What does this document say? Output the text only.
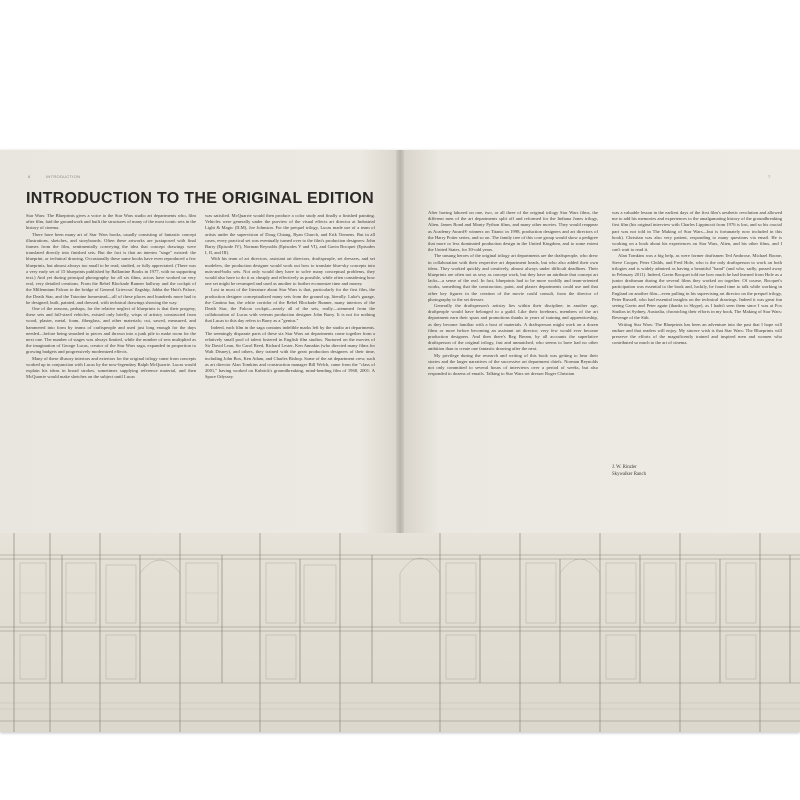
6	INTRODUCTION	7
INTRODUCTION TO THE ORIGINAL EDITION

Star Wars: The Blueprints gives a voice to the Star Wars studio art departments who, film after film, laid the groundwork and built the structures of many of the most iconic sets in the history of cinema.

There have been many art of Star Wars books, usually consisting of fantastic concept illustrations, sketches, and storyboards. Often these artworks are juxtaposed with final frames from the film, sentimentally conveying the idea that concept drawings were translated directly into finished sets. But the fact is that an interim "stage" existed: the blueprint, or technical drawing. Occasionally these same books have even reproduced a few blueprints, but almost always too small to be read, studied, or fully appreciated. (There was a very early set of 15 blueprints published by Ballantine Books in 1977, with no supporting text.) And yet during principal photography for all six films, actors have worked on very real, very detailed creations. From the Rebel Blockade Runner hallway and the cockpit of the Millennium Falcon to the bridge of General Grievous' flagship, Jabba the Hutt's Palace, the Death Star, and the Tatooine homestead—all of these places and hundreds more had to be designed, built, painted, and dressed, with technical drawings showing the way.

One of the reasons, perhaps, for the relative neglect of blueprints is that their progeny, these sets and full-sized vehicles, existed only briefly, wisps of artistry constructed from wood, plaster, metal, foam, fiberglass, and other materials; cut, sawed, measured, and hammered into form by teams of craftspeople and used just long enough for the days needed—before being smashed to pieces and thrown into a junk pile to make room for the next one. The number of stages was always limited, while the number of sets multiplied as the imagination of George Lucas, creator of the Star Wars saga, expanded in proportion to growing budgets and progressively modernized effects.

Many of these illusory interiors and exteriors for the original trilogy came from concepts worked up in conjunction with Lucas by the now-legendary Ralph McQuarrie. Lucas would explain his ideas in broad strokes, sometimes supplying reference material, and then McQuarrie would make sketches on the subject until Lucas

was satisfied. McQuarrie would then produce a color study and finally a finished painting. Vehicles were generally under the purview of the visual effects art director at Industrial Light & Magic (ILM), Joe Johnston. For the prequel trilogy, Lucas made use of a team of artists under the supervision of Doug Chiang, Ryan Church, and Erik Tiemens. But in all cases, every practical set was eventually turned over to the film's production designers: John Barry (Episode IV), Norman Reynolds (Episodes V and VI), and Gavin Bocquet (Episodes I, II, and III).

With his team of art directors, assistant art directors, draftspeople, set dressers, and set modelers, the production designer would work out how to translate blue-sky concepts into nuts-and-bolts sets. Not only would they have to solve many conceptual problems, they would also have to do it as cheaply and effectively as possible, while often considering how one set might be revamped and used as another to further economize time and money.

Lost in most of the literature about Star Wars is that, particularly for the first film, the production designer conceptualized many sets from the ground up, literally. Luke's garage, the Cantina bar, the white corridor of the Rebel Blockade Runner, many interiors of the Death Star, the Falcon cockpit—nearly all of the sets, really—stemmed from the collaboration of Lucas with veteran production designer John Barry. It is not for nothing that Lucas to this day refers to Barry as a "genius."

Indeed, each film in the saga contains indelible marks left by the studio art departments. The seemingly disparate parts of these six Star Wars art departments come together from a relatively small pool of talent fostered in English film studios. Nurtured on the movies of Sir David Lean, Sir Carol Reed, Richard Lester, Ken Annakin (who directed many films for Walt Disney), and others, they trained with the great production designers of their time, including John Box, Ken Adam, and Charles Bishop. Some of the art department crew, such as art director Alan Tomkins and construction manager Bill Welch, came from the "class of 2001," having worked on Kubrick's groundbreaking, mind-bending film of 1968, 2001: A Space Odyssey.

After having labored on one, two, or all three of the original trilogy Star Wars films, the different men of the art departments split off and reformed for the Indiana Jones trilogy, Alien, James Bond and Monty Python films, and many other movies. They would reappear as Academy Award® winners on Titanic in 1998, production designers and art directors of the Harry Potter series, and so on. The family tree of this core group would show a pedigree that more or less dominated production design in the United Kingdom, and to some extent the United States, for 30-odd years.

The unsung heroes of the original trilogy art departments are the draftspeople, who drew in collaboration with their respective art department heads, but who also added their own ideas. They worked quickly and creatively, almost always under difficult deadlines. Their blueprints are often not as sexy as concept work, but they have an attribute that concept art lacks—a sense of the real. In fact, blueprints had to be more worldly and team-oriented works, something that the construction, paint, and plaster departments could use and that other key figures in the creation of the movie could consult, from the director of photography to the set dresser.

Generally the draftsperson's artistry lies within their discipline; in another age, draftpeople would have belonged to a guild. Like their forebears, members of the art department earn their spurs and promotions thanks to years of training and apprenticeship, as they become familiar with a host of materials. A draftsperson might work on a dozen films or more before becoming an assistant art director; very few would ever become production designers. And then there's Reg Bream, by all accounts the superlative draftsperson of the original trilogy, fast and unmatched, who seems to have had no other ambition than to create one fantastic drawing after the next.

My privilege during the research and writing of this book was getting to hear their stories and the larger narratives of the successive art department chiefs. Norman Reynolds not only committed to several hours of interviews over a period of weeks, but also responded to dozens of emails. Talking to Star Wars set dresser Roger Christian

was a valuable lesson in the earliest days of the first film's aesthetic revolution and allowed me to add his memories and experiences to the amalgamating history of the groundbreaking first film (his original interview with Charles Lippincott from 1976 is lost, and so his crucial part was not told in The Making of Star Wars—but is fortunately now included in this book). Christian was also very patient, responding to many questions via email. He is working on a book about his experiences on Star Wars, Alien, and his other films, and I can't wait to read it.

Alan Tomkins was a big help, as were former draftsmen Ted Ambrose, Michael Boone, Steve Cooper, Peter Childs, and Fred Hole, who is the only draftsperson to work on both trilogies and is widely admired as having a beautiful "hand" (and who, sadly, passed away in February 2011). Indeed, Gavin Bocquet told me how much he had learned from Hole as a junior draftsman during the several films they worked on together. Of course, Bocquet's participation was essential to the book and, luckily, he found time to talk while working in England on another film—even pulling in his supervising art director on the prequel trilogy, Peter Russell, who had essential insights on the technical drawings. Indeed it was great fun seeing Gavin and Peter again (thanks to Skype), as I hadn't seen them since I was at Fox Studios in Sydney, Australia, chronicling their efforts in my book, The Making of Star Wars: Revenge of the Sith.

Writing Star Wars: The Blueprints has been an adventure into the past that I hope will endure and that readers will enjoy. My sincere wish is that Star Wars: The Blueprints will preserve the efforts of the magnificently trained and inspired men and women who contributed so much to the art of cinema.

J. W. Rinzler
Skywalker Ranch
